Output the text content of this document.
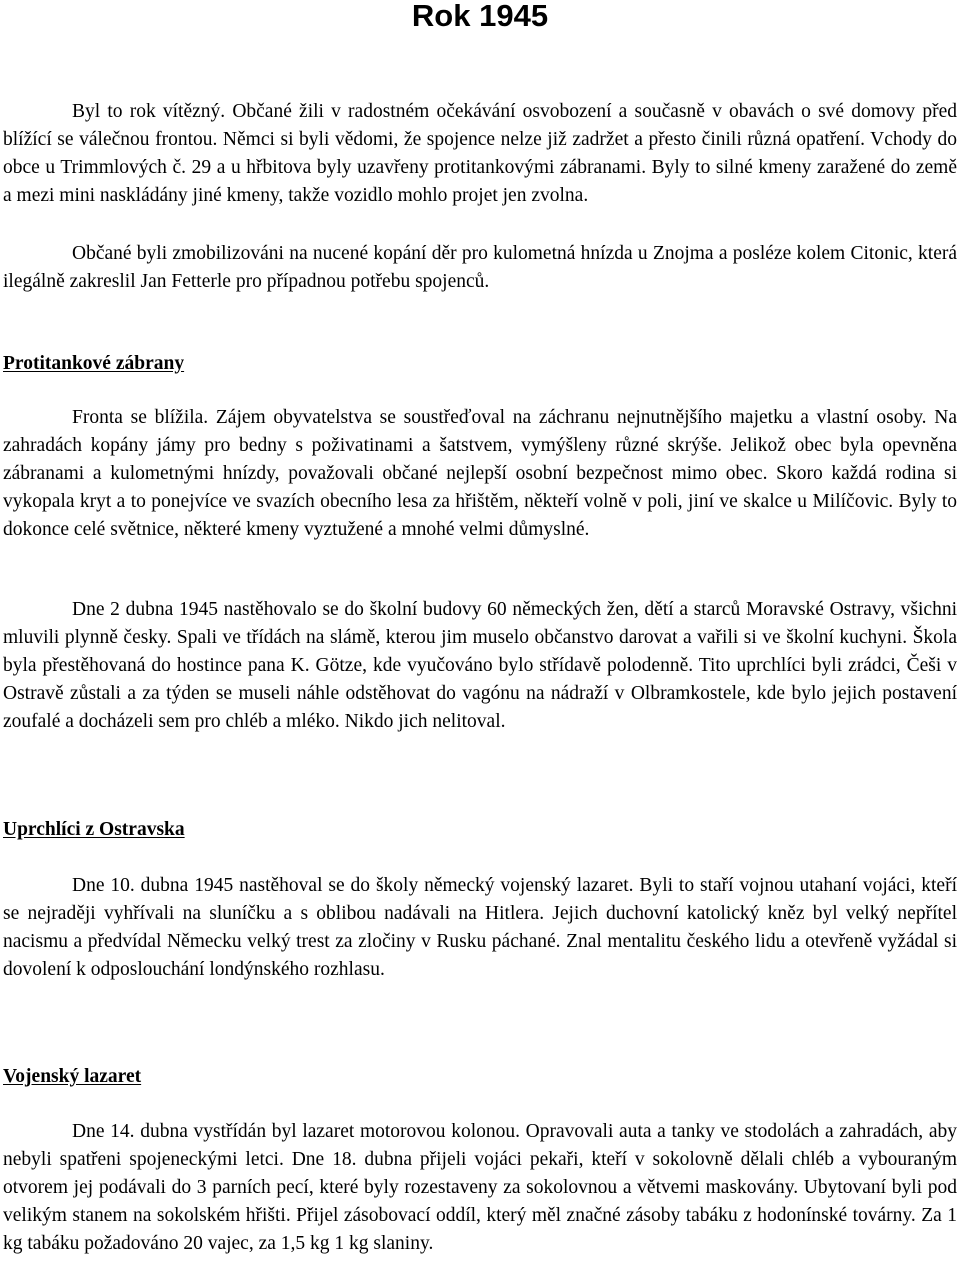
Rok 1945

Byl to rok vítězný. Občané žili v radostném očekávání osvobození a současně v obavách o své domovy před blížící se válečnou frontou. Němci si byli vědomi, že spojence nelze již zadržet a přesto činili různá opatření. Vchody do obce u Trimmlových č. 29 a u hřbitova byly uzavřeny protitankovými zábranami. Byly to silné kmeny zaražené do země a mezi mini naskládány jiné kmeny, takže vozidlo mohlo projet jen zvolna.

Občané byli zmobilizováni na nucené kopání děr pro kulometná hnízda u Znojma a posléze kolem Citonic, která ilegálně zakreslil Jan Fetterle pro případnou potřebu spojenců.

Protitankové zábrany

Fronta se blížila. Zájem obyvatelstva se soustřeďoval na záchranu nejnutnějšího majetku a vlastní osoby. Na zahradách kopány jámy pro bedny s poživatinami a šatstvem, vymýšleny různé skrýše. Jelikož obec byla opevněna zábranami a kulometnými hnízdy, považovali občané nejlepší osobní bezpečnost mimo obec. Skoro každá rodina si vykopala kryt a to ponejvíce ve svazích obecního lesa za hřištěm, někteří volně v poli, jiní ve skalce u Milíčovic. Byly to dokonce celé světnice, některé kmeny vyztužené a mnohé velmi důmyslné.

Dne 2 dubna 1945 nastěhovalo se do školní budovy 60 německých žen, dětí a starců Moravské Ostravy, všichni mluvili plynně česky. Spali ve třídách na slámě, kterou jim muselo občanstvo darovat a vařili si ve školní kuchyni. Škola byla přestěhovaná do hostince pana K. Götze, kde vyučováno bylo střídavě polodenně. Tito uprchlíci byli zrádci, Češi v Ostravě zůstali a za týden se museli náhle odstěhovat do vagónu na nádraží v Olbramkostele, kde bylo jejich postavení zoufalé a docházeli sem pro chléb a mléko. Nikdo jich nelitoval.

Uprchlíci z Ostravska

Dne 10. dubna 1945 nastěhoval se do školy německý vojenský lazaret. Byli to staří vojnou utahaní vojáci, kteří se nejraději vyhřívali na sluníčku a s oblibou nadávali na Hitlera. Jejich duchovní katolický kněz byl velký nepřítel nacismu a předvídal Německu velký trest za zločiny v Rusku páchané. Znal mentalitu českého lidu a otevřeně vyžádal si dovolení k odposlouchání londýnského rozhlasu.

Vojenský lazaret

Dne 14. dubna vystřídán byl lazaret motorovou kolonou. Opravovali auta a tanky ve stodolách a zahradách, aby nebyli spatřeni spojeneckými letci. Dne 18. dubna přijeli vojáci pekaři, kteří v sokolovně dělali chléb a vybouraným otvorem jej podávali do 3 parních pecí, které byly rozestaveny za sokolovnou a větvemi maskovány. Ubytovaní byli pod velikým stanem na sokolském hřišti. Přijel zásobovací oddíl, který měl značné zásoby tabáku z hodonínské továrny. Za 1 kg tabáku požadováno 20 vajec, za 1,5 kg 1 kg slaniny.
